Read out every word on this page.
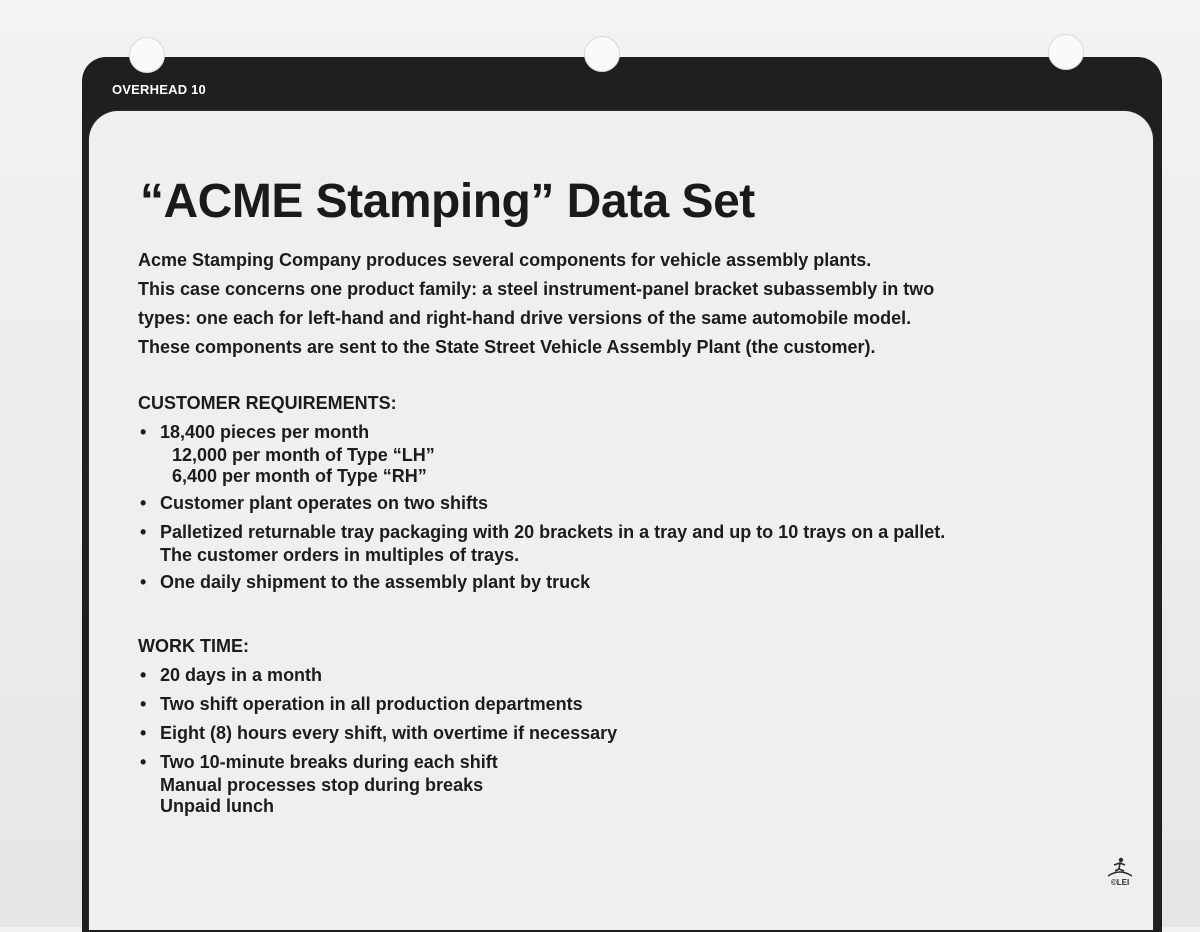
OVERHEAD 10
“ACME Stamping” Data Set

Acme Stamping Company produces several components for vehicle assembly plants.

This case concerns one product family: a steel instrument-panel bracket subassembly in two

types: one each for left-hand and right-hand drive versions of the same automobile model.

These components are sent to the State Street Vehicle Assembly Plant (the customer).

CUSTOMER REQUIREMENTS:
• 18,400 pieces per month
12,000 per month of Type “LH”
6,400 per month of Type “RH”
• Customer plant operates on two shifts
• Palletized returnable tray packaging with 20 brackets in a tray and up to 10 trays on a pallet.
The customer orders in multiples of trays.
• One daily shipment to the assembly plant by truck
WORK TIME:
• 20 days in a month
• Two shift operation in all production departments
• Eight (8) hours every shift, with overtime if necessary
• Two 10-minute breaks during each shift
Manual processes stop during breaks
Unpaid lunch
©LEI
